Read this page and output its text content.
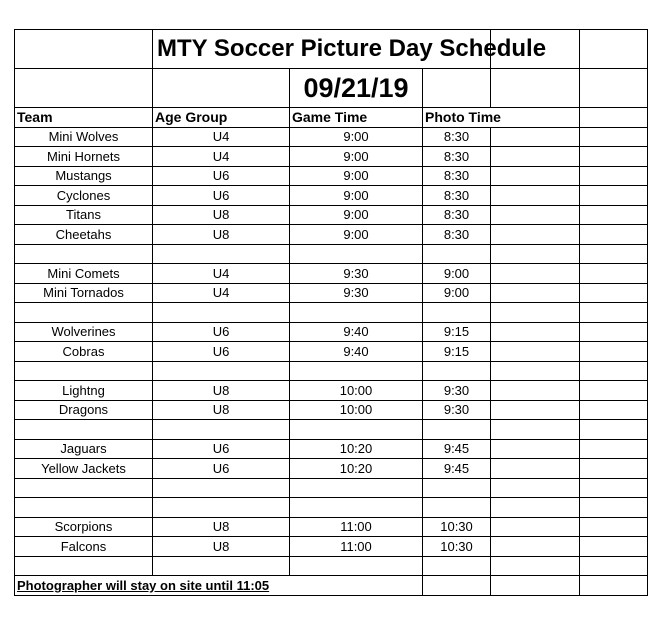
	MTY Soccer Picture Day Schedule				
		09/21/19			
Team	Age Group	Game Time	Photo Time		
Mini Wolves	U4	9:00	8:30		
Mini Hornets	U4	9:00	8:30		
Mustangs	U6	9:00	8:30		
Cyclones	U6	9:00	8:30		
Titans	U8	9:00	8:30		
Cheetahs	U8	9:00	8:30		

Mini Comets	U4	9:30	9:00		
Mini Tornados	U4	9:30	9:00		

Wolverines	U6	9:40	9:15		
Cobras	U6	9:40	9:15		

Lightng	U8	10:00	9:30		
Dragons	U8	10:00	9:30		

Jaguars	U6	10:20	9:45		
Yellow Jackets	U6	10:20	9:45		

Scorpions	U8	11:00	10:30		
Falcons	U8	11:00	10:30		

Photographer will stay on site until 11:05					
